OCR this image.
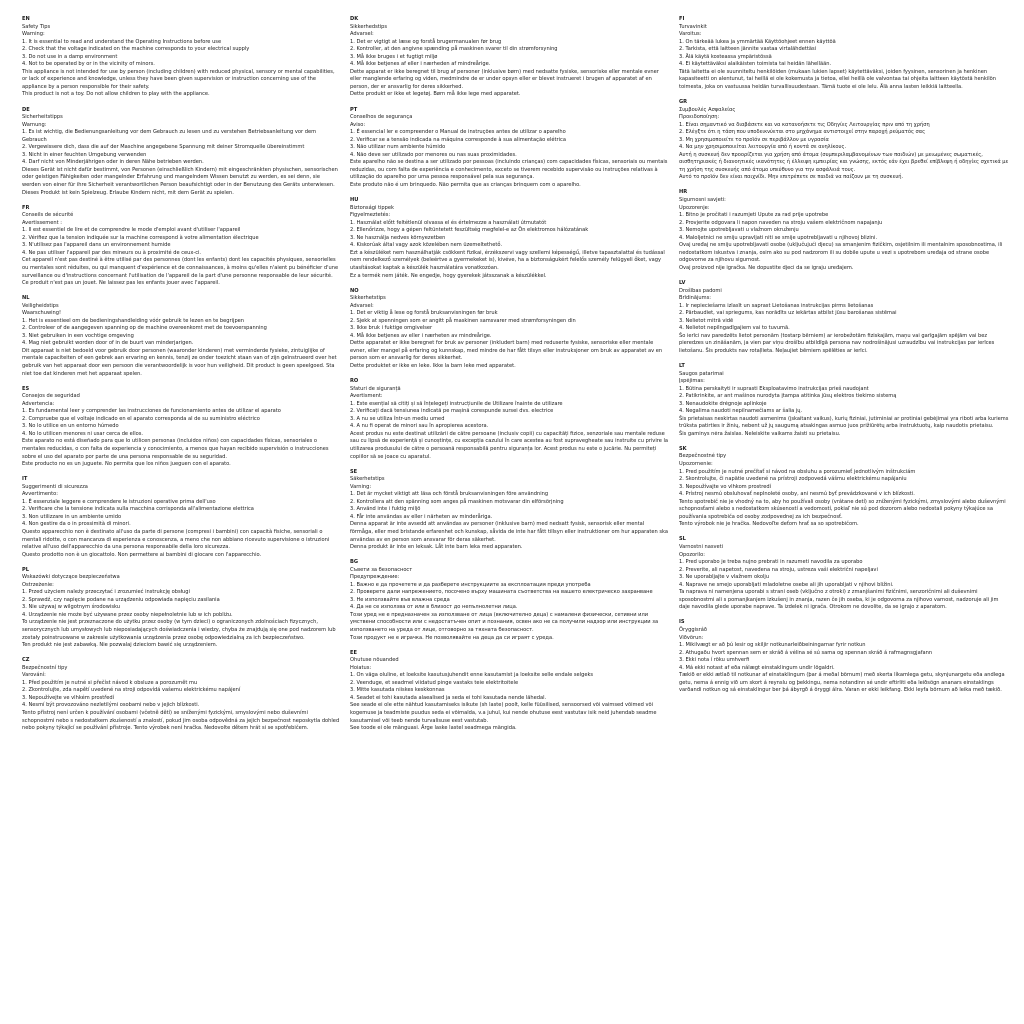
EN
Safety Tips
Warning:
1. It is essential to read and understand the Operating Instructions before use
2. Check that the voltage indicated on the machine corresponds to your electrical supply
3. Do not use in a damp environment
4. Not to be operated by or in the vicinity of minors.
This appliance is not intended for use by person (including children) with reduced physical, sensory or mental capabilities, or lack of experience and knowledge, unless they have been given supervision or instruction concerning use of the appliance by a person responsible for their safety.
This product is not a toy. Do not allow children to play with the appliance.
DE
Sicherheitstipps
Warnung:
1. Es ist wichtig, die Bedienungsanleitung vor dem Gebrauch zu lesen und zu verstehen Betriebsanleitung vor dem Gebrauch
2. Vergewissere dich, dass die auf der Maschine angegebene Spannung mit deiner Stromquelle übereinstimmt
3. Nicht in einer feuchten Umgebung verwenden
4. Darf nicht von Minderjährigen oder in deren Nähe betrieben werden.
Dieses Gerät ist nicht dafür bestimmt, von Personen (einschließlich Kindern) mit eingeschränkten physischen, sensorischen oder geistigen Fähigkeiten oder mangelnder Erfahrung und mangelndem Wissen benutzt zu werden, es sei denn, sie werden von einer für ihre Sicherheit verantwortlichen Person beaufsichtigt oder in der Benutzung des Geräts unterwiesen.
Dieses Produkt ist kein Spielzeug. Erlaube Kindern nicht, mit dem Gerät zu spielen.
FR
Conseils de sécurité
Avertissement :
1. Il est essentiel de lire et de comprendre le mode d'emploi avant d'utiliser l'appareil
2. Vérifiez que la tension indiquée sur la machine correspond à votre alimentation électrique
3. N'utilisez pas l'appareil dans un environnement humide
4. Ne pas utiliser l'appareil par des mineurs ou à proximité de ceux-ci.
Cet appareil n'est pas destiné à être utilisé par des personnes (dont les enfants) dont les capacités physiques, sensorielles ou mentales sont réduites, ou qui manquent d'expérience et de connaissances, à moins qu'elles n'aient pu bénéficier d'une surveillance ou d'instructions concernant l'utilisation de l'appareil de la part d'une personne responsable de leur sécurité.
Ce produit n'est pas un jouet. Ne laissez pas les enfants jouer avec l'appareil.
NL
Veiligheidstips
Waarschuwing!
1. Het is essentieel om de bedieningshandleiding vóór gebruik te lezen en te begrijpen
2. Controleer of de aangegeven spanning op de machine overeenkomt met de toevoerspanning
3. Niet gebruiken in een vochtige omgeving
4. Mag niet gebruikt worden door of in de buurt van minderjarigen.
Dit apparaat is niet bedoeld voor gebruik door personen (waaronder kinderen) met verminderde fysieke, zintuiglijke of mentale capaciteiten of een gebrek aan ervaring en kennis, tenzij ze onder toezicht staan van of zijn geïnstrueerd over het gebruik van het apparaat door een persoon die verantwoordelijk is voor hun veiligheid. Dit product is geen speelgoed. Sta niet toe dat kinderen met het apparaat spelen.
ES
Consejos de seguridad
Advertencia:
1. Es fundamental leer y comprender las instrucciones de funcionamiento antes de utilizar el aparato
2. Compruebe que el voltaje indicado en el aparato corresponda al de su suministro eléctrico
3. No lo utilice en un entorno húmedo
4. No lo utilicen menores ni usar cerca de ellos.
Este aparato no está diseñado para que lo utilicen personas (incluidos niños) con capacidades físicas, sensoriales o mentales reducidas, o con falta de experiencia y conocimiento, a menos que hayan recibido supervisión o instrucciones sobre el uso del aparato por parte de una persona responsable de su seguridad.
Este producto no es un juguete. No permita que los niños jueguen con el aparato.
IT
Suggerimenti di sicurezza
Avvertimento:
1. È essenziale leggere e comprendere le istruzioni operative prima dell'uso
2. Verificare che la tensione indicata sulla macchina corrisponda all'alimentazione elettrica
3. Non utilizzare in un ambiente umido
4. Non gestire da o in prossimità di minori.
Questo apparecchio non è destinato all'uso da parte di persone (compresi i bambini) con capacità fisiche, sensoriali o mentali ridotte, o con mancanza di esperienza e conoscenza, a meno che non abbiano ricevuto supervisione o istruzioni relative all'uso dell'apparecchio da una persona responsabile della loro sicurezza.
Questo prodotto non è un giocattolo. Non permettere ai bambini di giocare con l'apparecchio.
PL
Wskazówki dotyczące bezpieczeństwa
Ostrzeżenie:
1. Przed użyciem należy przeczytać i zrozumieć instrukcję obsługi
2. Sprawdź, czy napięcie podane na urządzeniu odpowiada napięciu zasilania
3. Nie używaj w wilgotnym środowisku
4. Urządzenie nie może być używane przez osoby niepełnoletnie lub w ich pobliżu.
To urządzenie nie jest przeznaczone do użytku przez osoby (w tym dzieci) o ograniczonych zdolnościach fizycznych, sensorycznych lub umysłowych lub nieposiadających doświadczenia i wiedzy, chyba że znajdują się one pod nadzorem lub zostały poinstruowane w zakresie użytkowania urządzenia przez osobę odpowiedzialną za ich bezpieczeństwo.
Ten produkt nie jest zabawką. Nie pozwalaj dzieciom bawić się urządzeniem.
CZ
Bezpečnostní tipy
Varování:
1. Před použitím je nutné si přečíst návod k obsluze a porozumět mu
2. Zkontrolujte, zda napětí uvedené na stroji odpovídá vašemu elektrickému napájení
3. Nepoužívejte ve vlhkém prostředí
4. Nesmí být provozováno nezletilými osobami nebo v jejich blízkosti.
Tento přístroj není určen k používání osobami (včetně dětí) se sníženými fyzickými, smyslovými nebo duševními schopnostmi nebo s nedostatkem zkušeností a znalostí, pokud jim osoba odpovědná za jejich bezpečnost neposkytla dohled nebo pokyny týkající se používání přístroje. Tento výrobek není hračka. Nedovolte dětem hrát si se spotřebičem.
DK
Sikkerhedstips
Advarsel:
1. Det er vigtigt at læse og forstå brugermanualen før brug
2. Kontroller, at den angivne spænding på maskinen svarer til din strømforsyning
3. Må ikke bruges i et fugtigt miljø
4. Må ikke betjenes af eller i nærheden af mindreårige.
Dette apparat er ikke beregnet til brug af personer (inklusive børn) med nedsatte fysiske, sensoriske eller mentale evner eller manglende erfaring og viden, medmindre de er under opsyn eller er blevet instrueret i brugen af apparatet af en person, der er ansvarlig for deres sikkerhed.
Dette produkt er ikke et legetøj. Børn må ikke lege med apparatet.
PT
Conselhos de segurança
Aviso:
1. É essencial ler e compreender o Manual de instruções antes de utilizar o aparelho
2. Verificar se a tensão indicada na máquina corresponde à sua alimentação elétrica
3. Não utilizar num ambiente húmido
4. Não deve ser utilizado por menores ou nas suas proximidades.
Este aparelho não se destina a ser utilizado por pessoas (incluindo crianças) com capacidades físicas, sensoriais ou mentais reduzidas, ou com falta de experiência e conhecimento, exceto se tiverem recebido supervisão ou instruções relativas à utilização do aparelho por uma pessoa responsável pela sua segurança.
Este produto não é um brinquedo. Não permita que as crianças brinquem com o aparelho.
HU
Biztonsági tippek
Figyelmeztetés:
1. Használat előtt feltétlenül olvassa el és értelmezze a használati útmutatót
2. Ellenőrizze, hogy a gépen feltüntetett feszültség megfelel-e az Ön elektromos hálózatának
3. Ne használja nedves környezetben
4. Kiskorúak által vagy azok közelében nem üzemeltethető.
Ezt a készüléket nem használhatják csökkent fizikai, érzékszervi vagy szellemi képességű, illetve tapasztalattal és tudással nem rendelkező személyek (beleértve a gyermekeket is), kivéve, ha a biztonságukért felelős személy felügyeli őket, vagy utasításokat kaptak a készülék használatára vonatkozóan.
Ez a termék nem játék. Ne engedje, hogy gyerekek játsszanak a készülékkel.
NO
Sikkerhetstips
Advarsel:
1. Det er viktig å lese og forstå bruksanvisningen før bruk
2. Sjekk at spenningen som er angitt på maskinen samsvarer med strømforsyningen din
3. Ikke bruk i fuktige omgivelser
4. Må ikke betjenes av eller i nærheten av mindreårige.
Dette apparatet er ikke beregnet for bruk av personer (inkludert barn) med reduserte fysiske, sensoriske eller mentale evner, eller mangel på erfaring og kunnskap, med mindre de har fått tilsyn eller instruksjoner om bruk av apparatet av en person som er ansvarlig for deres sikkerhet.
Dette produktet er ikke en leke. Ikke la barn leke med apparatet.
RO
Sfaturi de siguranță
Avertisment:
1. Este esențial să citiți și să înțelegeți instrucțiunile de Utilizare înainte de utilizare
2. Verificați dacă tensiunea indicată pe mașină corespunde sursei dvs. electrice
3. A nu se utiliza într-un mediu umed
4. A nu fi operat de minori sau în apropierea acestora.
Acest produs nu este destinat utilizării de către persoane (inclusiv copii) cu capacități fizice, senzoriale sau mentale reduse sau cu lipsă de experiență și cunoștințe, cu excepția cazului în care acestea au fost supravegheate sau instruite cu privire la utilizarea produsului de către o persoană responsabilă pentru siguranța lor. Acest produs nu este o jucărie. Nu permiteți copiilor să se joace cu aparatul.
SE
Säkerhetstips
Varning:
1. Det är mycket viktigt att läsa och förstå bruksanvisningen före användning
2. Kontrollera att den spänning som anges på maskinen motsvarar din elförsörjning
3. Använd inte i fuktig miljö
4. Får inte användas av eller i närheten av minderåriga.
Denna apparat är inte avsedd att användas av personer (inklusive barn) med nedsatt fysisk, sensorisk eller mental förmåga, eller med bristande erfarenhet och kunskap, såvida de inte har fått tillsyn eller instruktioner om hur apparaten ska användas av en person som ansvarar för deras säkerhet.
Denna produkt är inte en leksak. Låt inte barn leka med apparaten.
BG
Съвети за безопасност
Предупреждение:
1. Важно е да прочетете и да разберете инструкциите за експлоатация преди употреба
2. Проверете дали напрежението, посочено върху машината съответства на вашето електрическо захранване
3. Не използвайте във влажна среда
4. Да не се използва от или в близост до непълнолетни лица.
Този уред не е предназначен за използване от лица (включително деца) с намалени физически, сетивни или умствени способности или с недостатъчен опит и познания, освен ако не са получили надзор или инструкции за използването на уреда от лице, отговорно за тяхната безопасност.
Този продукт не е играчка. Не позволявайте на деца да си играят с уреда.
EE
Ohutuse nõuanded
Hoiatus:
1. On väga oluline, et loeksite kasutusjuhendit enne kasutamist ja loeksite selle endale selgeks
2. Veenduge, et seadmel viidatud pinge vastaks teie elektritoitele
3. Mitte kasutada niiskes keskkonnas
4. Seadet ei tohi kasutada alaealised ja seda ei tohi kasutada nende lähedal.
See seade ei ole ette nähtud kasutamiseks isikute (sh laste) poolt, kelle füüsilised, sensoorsed või vaimsed võimed või kogemuse ja teadmiste puudus seda ei võimalda, v.a juhul, kui nende ohutuse eest vastutav isik neid juhendab seadme kasutamisel või teeb nende turvalisuse eest vastutab.
See toode ei ole mänguasi. Ärge laske lastel seadmega mängida.
FI
Turvavinkit
Varoitus:
1. On tärkeää lukea ja ymmärtää Käyttöohjeet ennen käyttöä
2. Tarkista, että laitteen jännite vastaa virtalähdettäsi
3. Älä käytä kosteassa ympäristössä
4. Ei käytettäväksi alaikäisten toimista tai heidän lähellään.
Tätä laitetta ei ole suunniteltu henkilöiden (mukaan lukien lapset) käytettäväksi, joiden fyysinen, sensorinen ja henkinen kapasiteetti on alentunut, tai heillä ei ole kokemusta ja tietoa, ellei heillä ole valvontaa tai ohjeita laitteen käytöstä henkilön toimesta, joka on vastuussa heidän turvallisuudestaan. Tämä tuote ei ole lelu. Älä anna lasten leikkiä laitteella.
GR
Συμβουλές Ασφαλείας
Προειδοποίηση:
1. Είναι σημαντικό να διαβάσετε και να κατανοήσετε τις Οδηγίες Λειτουργίας πριν από τη χρήση
2. Ελέγξτε ότι η τάση που υποδεικνύεται στο μηχάνημα αντιστοιχεί στην παροχή ρεύματός σας
3. Μη χρησιμοποιείτε το προϊόν σε περιβάλλον με υγρασία
4. Να μην χρησιμοποιείται λειτουργία από ή κοντά σε ανηλίκους.
Αυτή η συσκευή δεν προορίζεται για χρήση από άτομα (συμπεριλαμβανομένων των παιδιών) με μειωμένες σωματικές, αισθητηριακές ή διανοητικές ικανότητες ή έλλειψη εμπειρίας και γνώσης, εκτός εάν έχει βρεθεί επίβλεψη ή οδηγίες σχετικά με τη χρήση της συσκευής από άτομο υπεύθυνο για την ασφάλειά τους.
Αυτό το προϊόν δεν είναι παιχνίδι. Μην επιτρέπετε σε παιδιά να παίζουν με τη συσκευή.
HR
Sigurnosni savjeti:
Upozorenje:
1. Bitno je pročitati i razumjeti Upute za rad prije upotrebe
2. Provjerite odgovara li napon naveden na stroju vašem električnom napajanju
3. Nemojte upotrebljavati u vlažnom okruženju
4. Maloljetnici ne smiju upravljati niti se smije upotrebljavati u njihovoj blizini.
Ovaj uređaj ne smiju upotrebljavati osobe (uključujući djecu) sa smanjenim fizičkim, osjetilnim ili mentalnim sposobnostima, ili nedostatkom iskustva i znanja, osim ako su pod nadzorom ili su dobile upute u vezi s upotrebom uređaja od strane osobe odgovorne za njihovu sigurnost.
Ovaj proizvod nije igračka. Ne dopustite djeci da se igraju uređajem.
LV
Drošības padomi
Brīdinājums:
1. Ir nepieciešams izlasīt un saprast Lietošanas instrukcijas pirms lietošanas
2. Pārbaudiet, vai spriegums, kas norādīts uz iekārtas atbilst jūsu barošanas sistēmai
3. Nelietot mitrā vidē
4. Nelietot nepilngadīgajiem vai to tuvumā.
Šo ierīci nav paredzēts lietot personām (tostarp bērniem) ar ierobežotām fiziskajām, maņu vai garīgajām spējām vai bez pieredzes un zināšanām, ja vien par viņu drošību atbildīgā persona nav nodrošinājusi uzraudzību vai instrukcijas par ierīces lietošanu. Šis produkts nav rotaļlieta. Neļaujiet bērniem spēlēties ar ierīci.
LT
Saugos patarimai
Įspėjimas:
1. Būtina perskaityti ir suprasti Eksploatavimo instrukcijas prieš naudojant
2. Patikrinkite, ar ant mašinos nurodyta įtampa atitinka jūsų elektros tiekimo sistemą
3. Nenaudokite drėgnoje aplinkoje
4. Negalima naudoti nepilnamečiams ar šalia jų.
Šis prietaisas neskirtas naudoti asmenims (įskaitant vaikus), kurių fiziniai, jutiminiai ar protiniai gebėjimai yra riboti arba kuriems trūksta patirties ir žinių, nebent už jų saugumą atsakingas asmuo juos prižiūrėtų arba instruktuotų, kaip naudotis prietaisu.
Šis gaminys nėra žaislas. Neleiskite vaikams žaisti su prietaisu.
SK
Bezpečnostné tipy
Upozornenie:
1. Pred použitím je nutné prečítať si návod na obsluhu a porozumieť jednotlivým inštrukciám
2. Skontrolujte, či napätie uvedené na prístroji zodpovedá vášmu elektrickému napájaniu
3. Nepoužívajte vo vlhkom prostredí
4. Prístroj nesmú obsluhovať neplnoleté osoby, ani nesmú byť prevádzkované v ich blízkosti.
Tento spotrebič nie je vhodný na to, aby ho používali osoby (vrátane detí) so zníženými fyzickými, zmyslovými alebo duševnými schopnosťami alebo s nedostatkom skúseností a vedomostí, pokiaľ nie sú pod dozorom alebo nedostali pokyny týkajúce sa používania spotrebiča od osoby zodpovednej za ich bezpečnosť.
Tento výrobok nie je hračka. Nedovoľte deťom hrať sa so spotrebičom.
SL
Varnostni nasveti
Opozorilo:
1. Pred uporabo je treba nujno prebrati in razumeti navodila za uporabo
2. Preverite, ali napetost, navedena na stroju, ustreza vaši električni napeljavi
3. Ne uporabljajte v vlažnem okolju
4. Naprave ne smejo uporabljati mladoletne osebe ali jih uporabljati v njihovi bližini.
Ta naprava ni namenjena uporabi s strani oseb (vključno z otroki) z zmanjšanimi fizičnimi, senzoričnimi ali duševnimi sposobnostmi ali s pomanjkanjem izkušenj in znanja, razen če jih oseba, ki je odgovorna za njihovo varnost, nadzoruje ali jim daje navodila glede uporabe naprave. Ta izdelek ni igrača. Otrokom ne dovolite, da se igrajo z aparatom.
IS
Öryggisráð
Viðvörun:
1. Mikilvægt er að þú lesir og skiljir notkunarleiðbeiningarnar fyrir notkun
2. Athugaðu hvort spennan sem er skráð á vélina sé sú sama og spennan skráð á rafmagnsgjafann
3. Ekki nota í röku umhverfi
4. Má ekki notast af eða nálægt einstaklingum undir lögaldri.
Tækið er ekki ætlað til notkunar af einstaklingum (þar á meðal börnum) með skerta líkamlega getu, skynjunargetu eða andlega getu, nema á ennig við um skort á reynslu og þekkingu, nema notandinn sé undir eftirliti eða leiðsögn ananars einstaklings varðandi notkun og sá einstaklingur ber þá ábyrgð á öryggi álra. Varan er ekki leikfang. Ekki leyfa börnum að leika með tækið.
